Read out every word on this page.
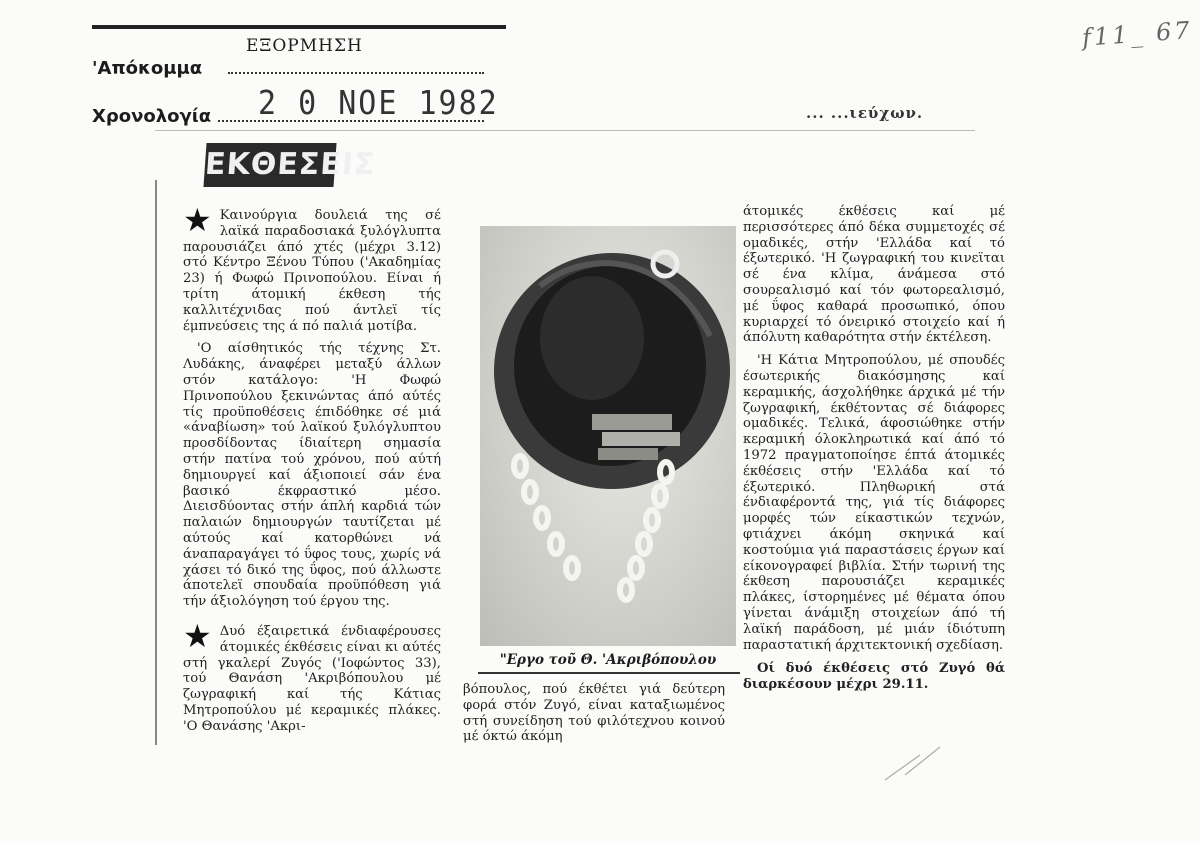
ΕΞΟΡΜΗΣΗ
'Απόκομμα
Χρονολογία 2 0 ΝΟΕ 1982
f11_ 67
... ...ιεύχων.
ΕΚΘΕΣΕΙΣ

★ Καινούργια δουλειά της σέ λαϊκά παραδοσιακά ξυλόγλυπτα παρουσιάζει άπό χτές (μέχρι 3.12) στό Κέντρο Ξένου Τύπου ('Ακαδημίας 23) ή Φωφώ Πρινοπούλου. Είναι ή τρίτη άτομική έκθεση τής καλλιτέχνιδας πού άντλεϊ τίς έμπνεύσεις της ά πό παλιά μοτίβα.

'Ο αίσθητικός τής τέχνης Στ. Λυδάκης, άναφέρει μεταξύ άλλων στόν κατάλογο: 'Η Φωφώ Πρινοπούλου ξεκινώντας άπό αύτές τίς προϋποθέσεις έπιδόθηκε σέ μιά «άναβίωση» τού λαϊκού ξυλόγλυπτου προσδίδοντας ίδιαίτερη σημασία στήν πατίνα τού χρόνου, πού αύτή δημιουργεί καί άξιοποιεί σάν ένα βασικό έκφραστικό μέσο. Διεισδύοντας στήν άπλή καρδιά τών παλαιών δημιουργών ταυτίζεται μέ αύτούς καί κατορθώνει νά άναπαραγάγει τό ΰφος τους, χωρίς νά χάσει τό δικό της ΰφος, πού άλλωστε άποτελεϊ σπουδαία προϋπόθεση γιά τήν άξιολόγηση τού έργου της.

★ Δυό έξαιρετικά ένδιαφέρουσες άτομικές έκθέσεις είναι κι αύτές στή γκαλερί Ζυγός ('Ιοφώντος 33), τού Θανάση 'Ακριβόπουλου μέ ζωγραφική καί τής Κάτιας Μητροπούλου μέ κεραμικές πλάκες. 'Ο Θανάσης 'Ακρι-

"Εργο τοῦ Θ. 'Ακριβόπουλου

βόπουλος, πού έκθέτει γιά δεύτερη φορά στόν Ζυγό, είναι καταξιωμένος στή συνείδηση τού φιλότεχνου κοινού μέ όκτώ άκόμη

άτομικές έκθέσεις καί μέ περισσότερες άπό δέκα συμμετοχές σέ ομαδικές, στήν 'Ελλάδα καί τό έξωτερικό. 'Η ζωγραφική του κινεϊται σέ ένα κλίμα, άνάμεσα στό σουρεαλισμό καί τόν φωτορεαλισμό, μέ ΰφος καθαρά προσωπικό, όπου κυριαρχεί τό όνειρικό στοιχείο καί ή άπόλυτη καθαρότητα στήν έκτέλεση.

'Η Κάτια Μητροπούλου, μέ σπουδές έσωτερικής διακόσμησης καί κεραμικής, άσχολήθηκε άρχικά μέ τήν ζωγραφική, έκθέτοντας σέ διάφορες ομαδικές. Τελικά, άφοσιώθηκε στήν κεραμική όλοκληρωτικά καί άπό τό 1972 πραγματοποίησε έπτά άτομικές έκθέσεις στήν 'Ελλάδα καί τό έξωτερικό. Πληθωρική στά ένδιαφέροντά της, γιά τίς διάφορες μορφές τών είκαστικών τεχνών, φτιάχνει άκόμη σκηνικά καί κοστούμια γιά παραστάσεις έργων καί είκονογραφεί βιβλία. Στήν τωρινή της έκθεση παρουσιάζει κεραμικές πλάκες, ίστορημένες μέ θέματα όπου γίνεται άνάμιξη στοιχείων άπό τή λαϊκή παράδοση, μέ μιάν ίδιότυπη παραστατική άρχιτεκτονική σχεδίαση.

Οί δυό έκθέσεις στό Ζυγό θά διαρκέσουν μέχρι 29.11.
